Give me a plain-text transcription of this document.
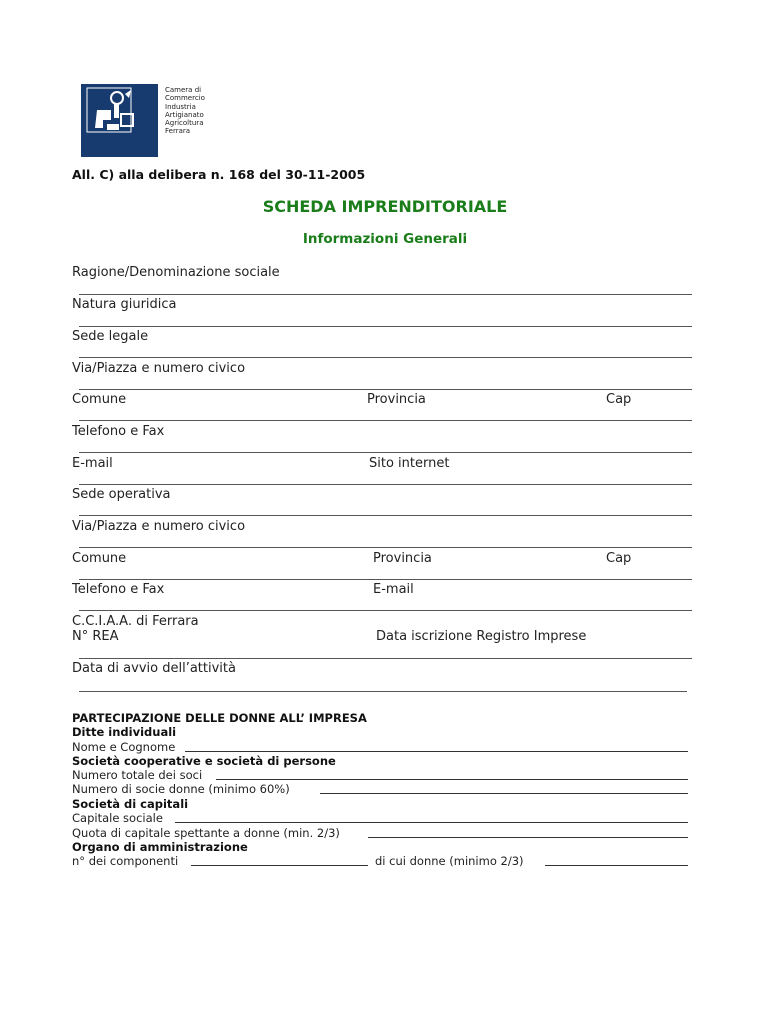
Camera di
Commercio
Industria
Artigianato
Agricoltura
Ferrara
All. C) alla delibera n. 168 del 30-11-2005
SCHEDA IMPRENDITORIALE
Informazioni Generali
Ragione/Denominazione sociale
Natura giuridica
Sede legale
Via/Piazza e numero civico
Comune	Provincia	Cap
Telefono e Fax
E-mail	Sito internet
Sede operativa
Via/Piazza e numero civico
Comune	Provincia	Cap
Telefono e Fax	E-mail
C.C.I.A.A. di Ferrara
N° REA	Data iscrizione Registro Imprese
Data di avvio dell’attività
PARTECIPAZIONE DELLE DONNE ALL’ IMPRESA
Ditte individuali
Nome e Cognome
Società cooperative e società di persone
Numero totale dei soci
Numero di socie donne (minimo 60%)
Società di capitali
Capitale sociale
Quota di capitale spettante a donne (min. 2/3)
Organo di amministrazione
n° dei componenti	di cui donne (minimo 2/3)
